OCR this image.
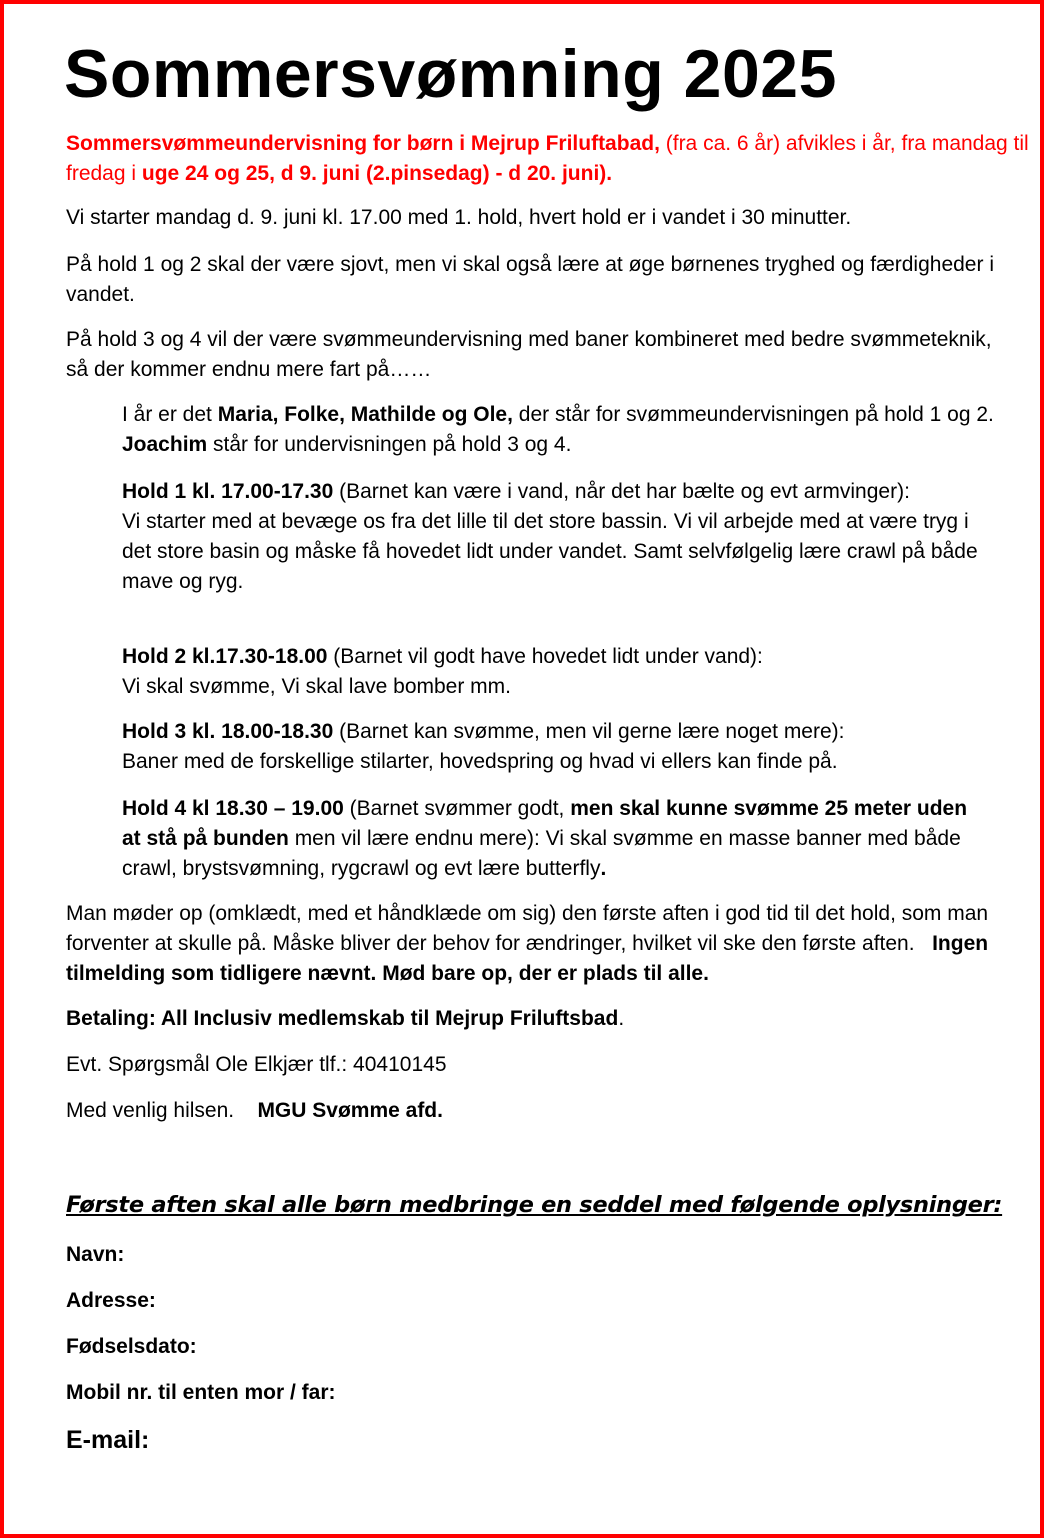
Sommersvømning 2025

Sommersvømmeundervisning for børn i Mejrup Friluftabad, (fra ca. 6 år) afvikles i år, fra mandag til fredag i uge 24 og 25, d 9. juni (2.pinsedag) - d 20. juni).

Vi starter mandag d. 9. juni kl. 17.00 med 1. hold, hvert hold er i vandet i 30 minutter.

På hold 1 og 2 skal der være sjovt, men vi skal også lære at øge børnenes tryghed og færdigheder i vandet.

På hold 3 og 4 vil der være svømmeundervisning med baner kombineret med bedre svømmeteknik, så der kommer endnu mere fart på……

I år er det Maria, Folke, Mathilde og Ole, der står for svømmeundervisningen på hold 1 og 2. Joachim står for undervisningen på hold 3 og 4.

Hold 1 kl. 17.00-17.30 (Barnet kan være i vand, når det har bælte og evt armvinger):
Vi starter med at bevæge os fra det lille til det store bassin. Vi vil arbejde med at være tryg i det store basin og måske få hovedet lidt under vandet. Samt selvfølgelig lære crawl på både mave og ryg.
Hold 2 kl.17.30-18.00 (Barnet vil godt have hovedet lidt under vand):
Vi skal svømme, Vi skal lave bomber mm.
Hold 3 kl. 18.00-18.30 (Barnet kan svømme, men vil gerne lære noget mere):
Baner med de forskellige stilarter, hovedspring og hvad vi ellers kan finde på.

Hold 4 kl 18.30 – 19.00 (Barnet svømmer godt, men skal kunne svømme 25 meter uden at stå på bunden men vil lære endnu mere): Vi skal svømme en masse banner med både crawl, brystsvømning, rygcrawl og evt lære butterfly.

Man møder op (omklædt, med et håndklæde om sig) den første aften i god tid til det hold, som man forventer at skulle på. Måske bliver der behov for ændringer, hvilket vil ske den første aften. Ingen tilmelding som tidligere nævnt. Mød bare op, der er plads til alle.

Betaling: All Inclusiv medlemskab til Mejrup Friluftsbad.

Evt. Spørgsmål Ole Elkjær tlf.: 40410145

Med venlig hilsen. MGU Svømme afd.

Første aften skal alle børn medbringe en seddel med følgende oplysninger:

Navn:

Adresse:

Fødselsdato:

Mobil nr. til enten mor / far:

E-mail:
